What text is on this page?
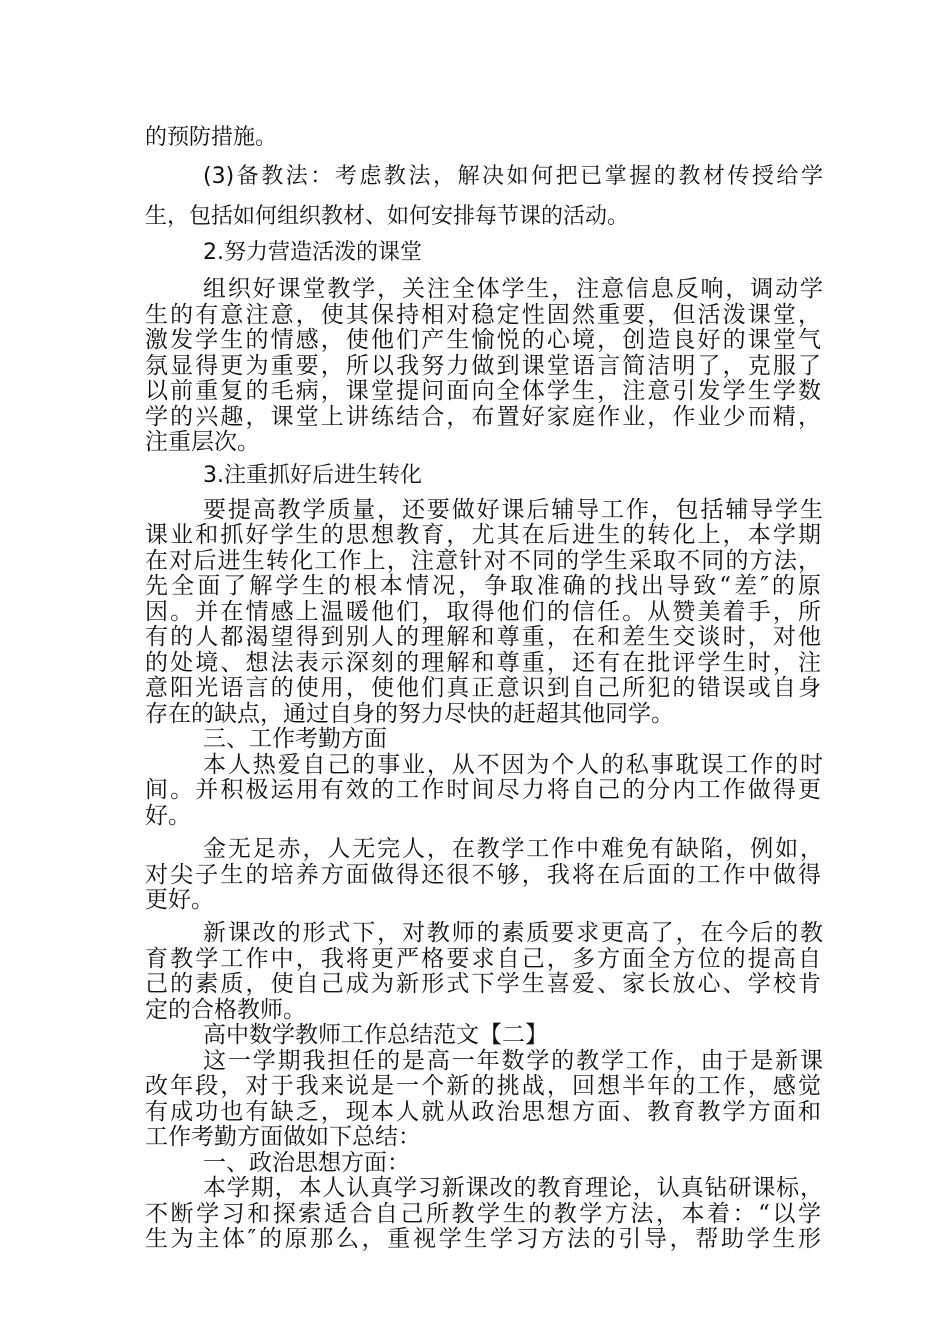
的预防措施。

(3)备教法：考虑教法，解决如何把已掌握的教材传授给学

生，包括如何组织教材、如何安排每节课的活动。

2.努力营造活泼的课堂

组织好课堂教学，关注全体学生，注意信息反响，调动学

生的有意注意，使其保持相对稳定性固然重要，但活泼课堂，

激发学生的情感，使他们产生愉悦的心境，创造良好的课堂气

氛显得更为重要，所以我努力做到课堂语言简洁明了，克服了

以前重复的毛病，课堂提问面向全体学生，注意引发学生学数

学的兴趣，课堂上讲练结合，布置好家庭作业，作业少而精，

注重层次。

3.注重抓好后进生转化

要提高教学质量，还要做好课后辅导工作，包括辅导学生

课业和抓好学生的思想教育，尤其在后进生的转化上，本学期

在对后进生转化工作上，注意针对不同的学生采取不同的方法，

先全面了解学生的根本情况，争取准确的找出导致“差″的原

因。并在情感上温暖他们，取得他们的信任。从赞美着手，所

有的人都渴望得到别人的理解和尊重，在和差生交谈时，对他

的处境、想法表示深刻的理解和尊重，还有在批评学生时，注

意阳光语言的使用，使他们真正意识到自己所犯的错误或自身

存在的缺点，通过自身的努力尽快的赶超其他同学。

三、工作考勤方面

本人热爱自己的事业，从不因为个人的私事耽误工作的时

间。并积极运用有效的工作时间尽力将自己的分内工作做得更

好。

金无足赤，人无完人，在教学工作中难免有缺陷，例如，

对尖子生的培养方面做得还很不够，我将在后面的工作中做得

更好。

新课改的形式下，对教师的素质要求更高了，在今后的教

育教学工作中，我将更严格要求自己，多方面全方位的提高自

己的素质，使自己成为新形式下学生喜爱、家长放心、学校肯

定的合格教师。

高中数学教师工作总结范文【二】

这一学期我担任的是高一年数学的教学工作，由于是新课

改年段，对于我来说是一个新的挑战，回想半年的工作，感觉

有成功也有缺乏，现本人就从政治思想方面、教育教学方面和

工作考勤方面做如下总结：

一、政治思想方面：

本学期，本人认真学习新课改的教育理论，认真钻研课标，

不断学习和探索适合自己所教学生的教学方法，本着：“以学

生为主体″的原那么，重视学生学习方法的引导，帮助学生形
